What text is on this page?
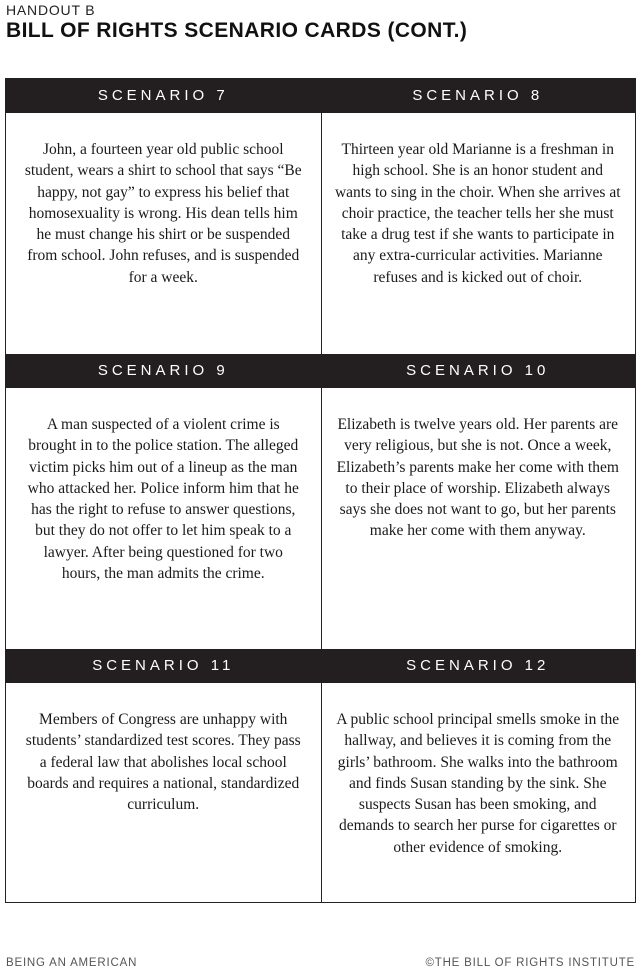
HANDOUT B
BILL OF RIGHTS SCENARIO CARDS (CONT.)
SCENARIO 7	SCENARIO 8
John, a fourteen year old public school student, wears a shirt to school that says “Be happy, not gay” to express his belief that homosexuality is wrong. His dean tells him he must change his shirt or be suspended from school. John refuses, and is suspended for a week.
Thirteen year old Marianne is a freshman in high school. She is an honor student and wants to sing in the choir. When she arrives at choir practice, the teacher tells her she must take a drug test if she wants to participate in any extra-curricular activities. Marianne refuses and is kicked out of choir.
SCENARIO 9	SCENARIO 10
A man suspected of a violent crime is brought in to the police station. The alleged victim picks him out of a lineup as the man who attacked her. Police inform him that he has the right to refuse to answer questions, but they do not offer to let him speak to a lawyer. After being questioned for two hours, the man admits the crime.
Elizabeth is twelve years old. Her parents are very religious, but she is not. Once a week, Elizabeth’s parents make her come with them to their place of worship. Elizabeth always says she does not want to go, but her parents make her come with them anyway.
SCENARIO 11	SCENARIO 12
Members of Congress are unhappy with students’ standardized test scores. They pass a federal law that abolishes local school boards and requires a national, standardized curriculum.
A public school principal smells smoke in the hallway, and believes it is coming from the girls’ bathroom. She walks into the bathroom and finds Susan standing by the sink. She suspects Susan has been smoking, and demands to search her purse for cigarettes or other evidence of smoking.
BEING AN AMERICAN	©THE BILL OF RIGHTS INSTITUTE
